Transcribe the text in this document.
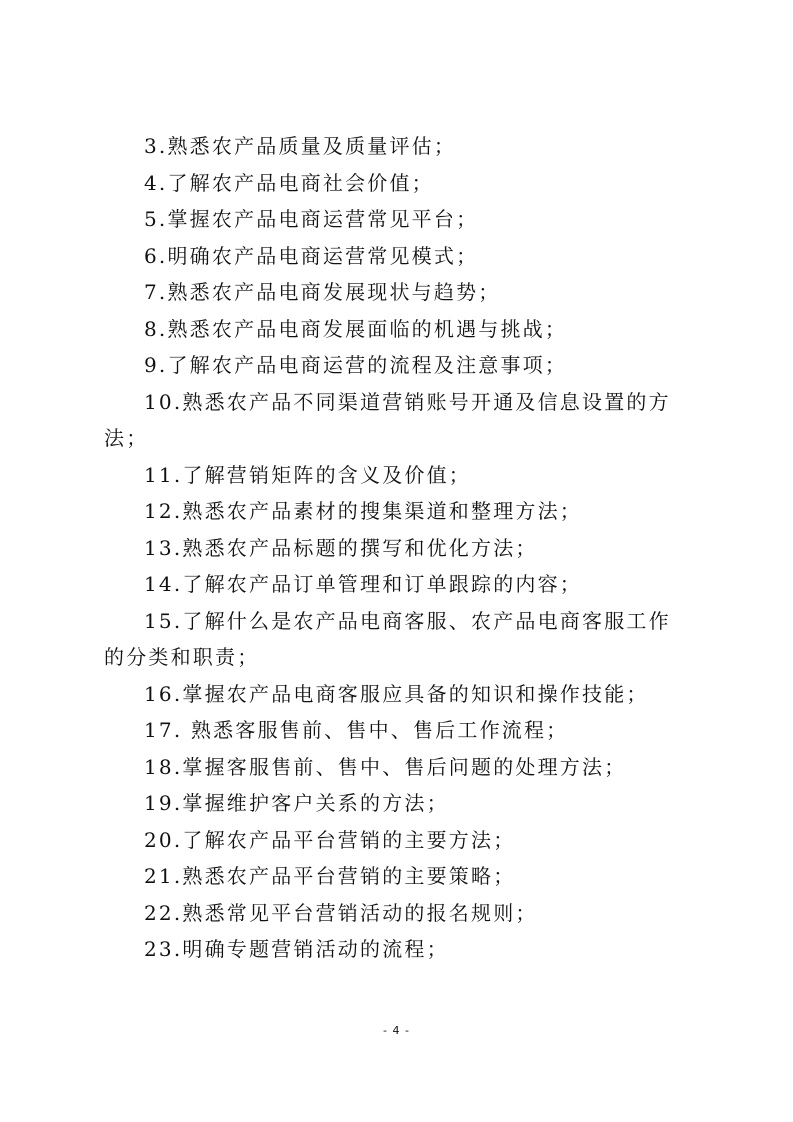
3.熟悉农产品质量及质量评估；

4.了解农产品电商社会价值；

5.掌握农产品电商运营常见平台；

6.明确农产品电商运营常见模式；

7.熟悉农产品电商发展现状与趋势；

8.熟悉农产品电商发展面临的机遇与挑战；

9.了解农产品电商运营的流程及注意事项；

10.熟悉农产品不同渠道营销账号开通及信息设置的方法；

11.了解营销矩阵的含义及价值；

12.熟悉农产品素材的搜集渠道和整理方法；

13.熟悉农产品标题的撰写和优化方法；

14.了解农产品订单管理和订单跟踪的内容；

15.了解什么是农产品电商客服、农产品电商客服工作的分类和职责；

16.掌握农产品电商客服应具备的知识和操作技能；

17. 熟悉客服售前、售中、售后工作流程；

18.掌握客服售前、售中、售后问题的处理方法；

19.掌握维护客户关系的方法；

20.了解农产品平台营销的主要方法；

21.熟悉农产品平台营销的主要策略；

22.熟悉常见平台营销活动的报名规则；

23.明确专题营销活动的流程；

- 4 -
